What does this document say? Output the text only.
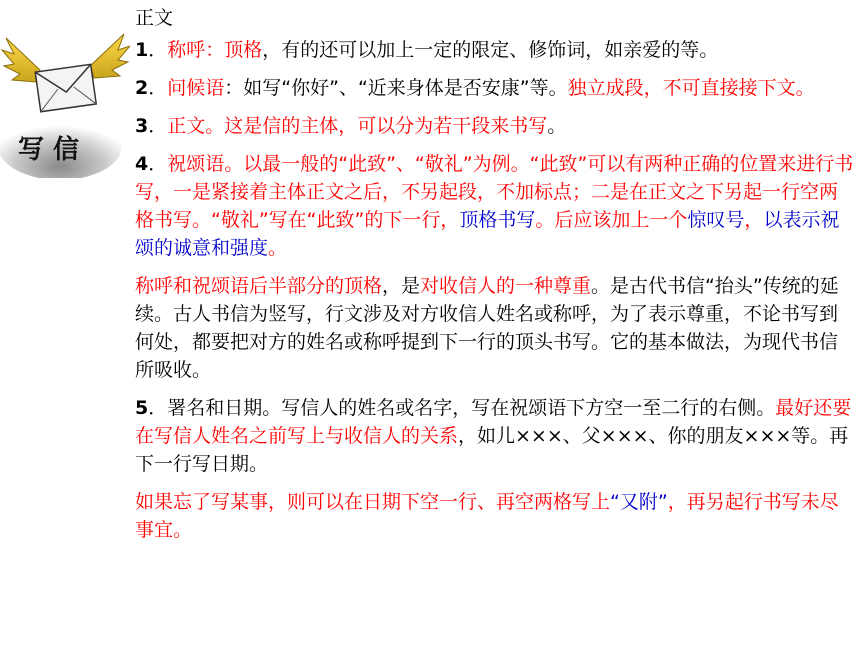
写 信
正文

1．称呼：顶格，有的还可以加上一定的限定、修饰词，如亲爱的等。

2．问候语：如写“你好”、“近来身体是否安康”等。独立成段，不可直接接下文。

3．正文。这是信的主体，可以分为若干段来书写。

4．祝颂语。以最一般的“此致”、“敬礼”为例。“此致”可以有两种正确的位置来进行书写，一是紧接着主体正文之后，不另起段，不加标点；二是在正文之下另起一行空两格书写。“敬礼”写在“此致”的下一行，顶格书写。后应该加上一个惊叹号，以表示祝颂的诚意和强度。

称呼和祝颂语后半部分的顶格，是对收信人的一种尊重。是古代书信“抬头”传统的延续。古人书信为竖写，行文涉及对方收信人姓名或称呼，为了表示尊重，不论书写到何处，都要把对方的姓名或称呼提到下一行的顶头书写。它的基本做法，为现代书信所吸收。

5．署名和日期。写信人的姓名或名字，写在祝颂语下方空一至二行的右侧。最好还要在写信人姓名之前写上与收信人的关系，如儿×××、父×××、你的朋友×××等。再下一行写日期。

如果忘了写某事，则可以在日期下空一行、再空两格写上“又附”，再另起行书写未尽事宜。
